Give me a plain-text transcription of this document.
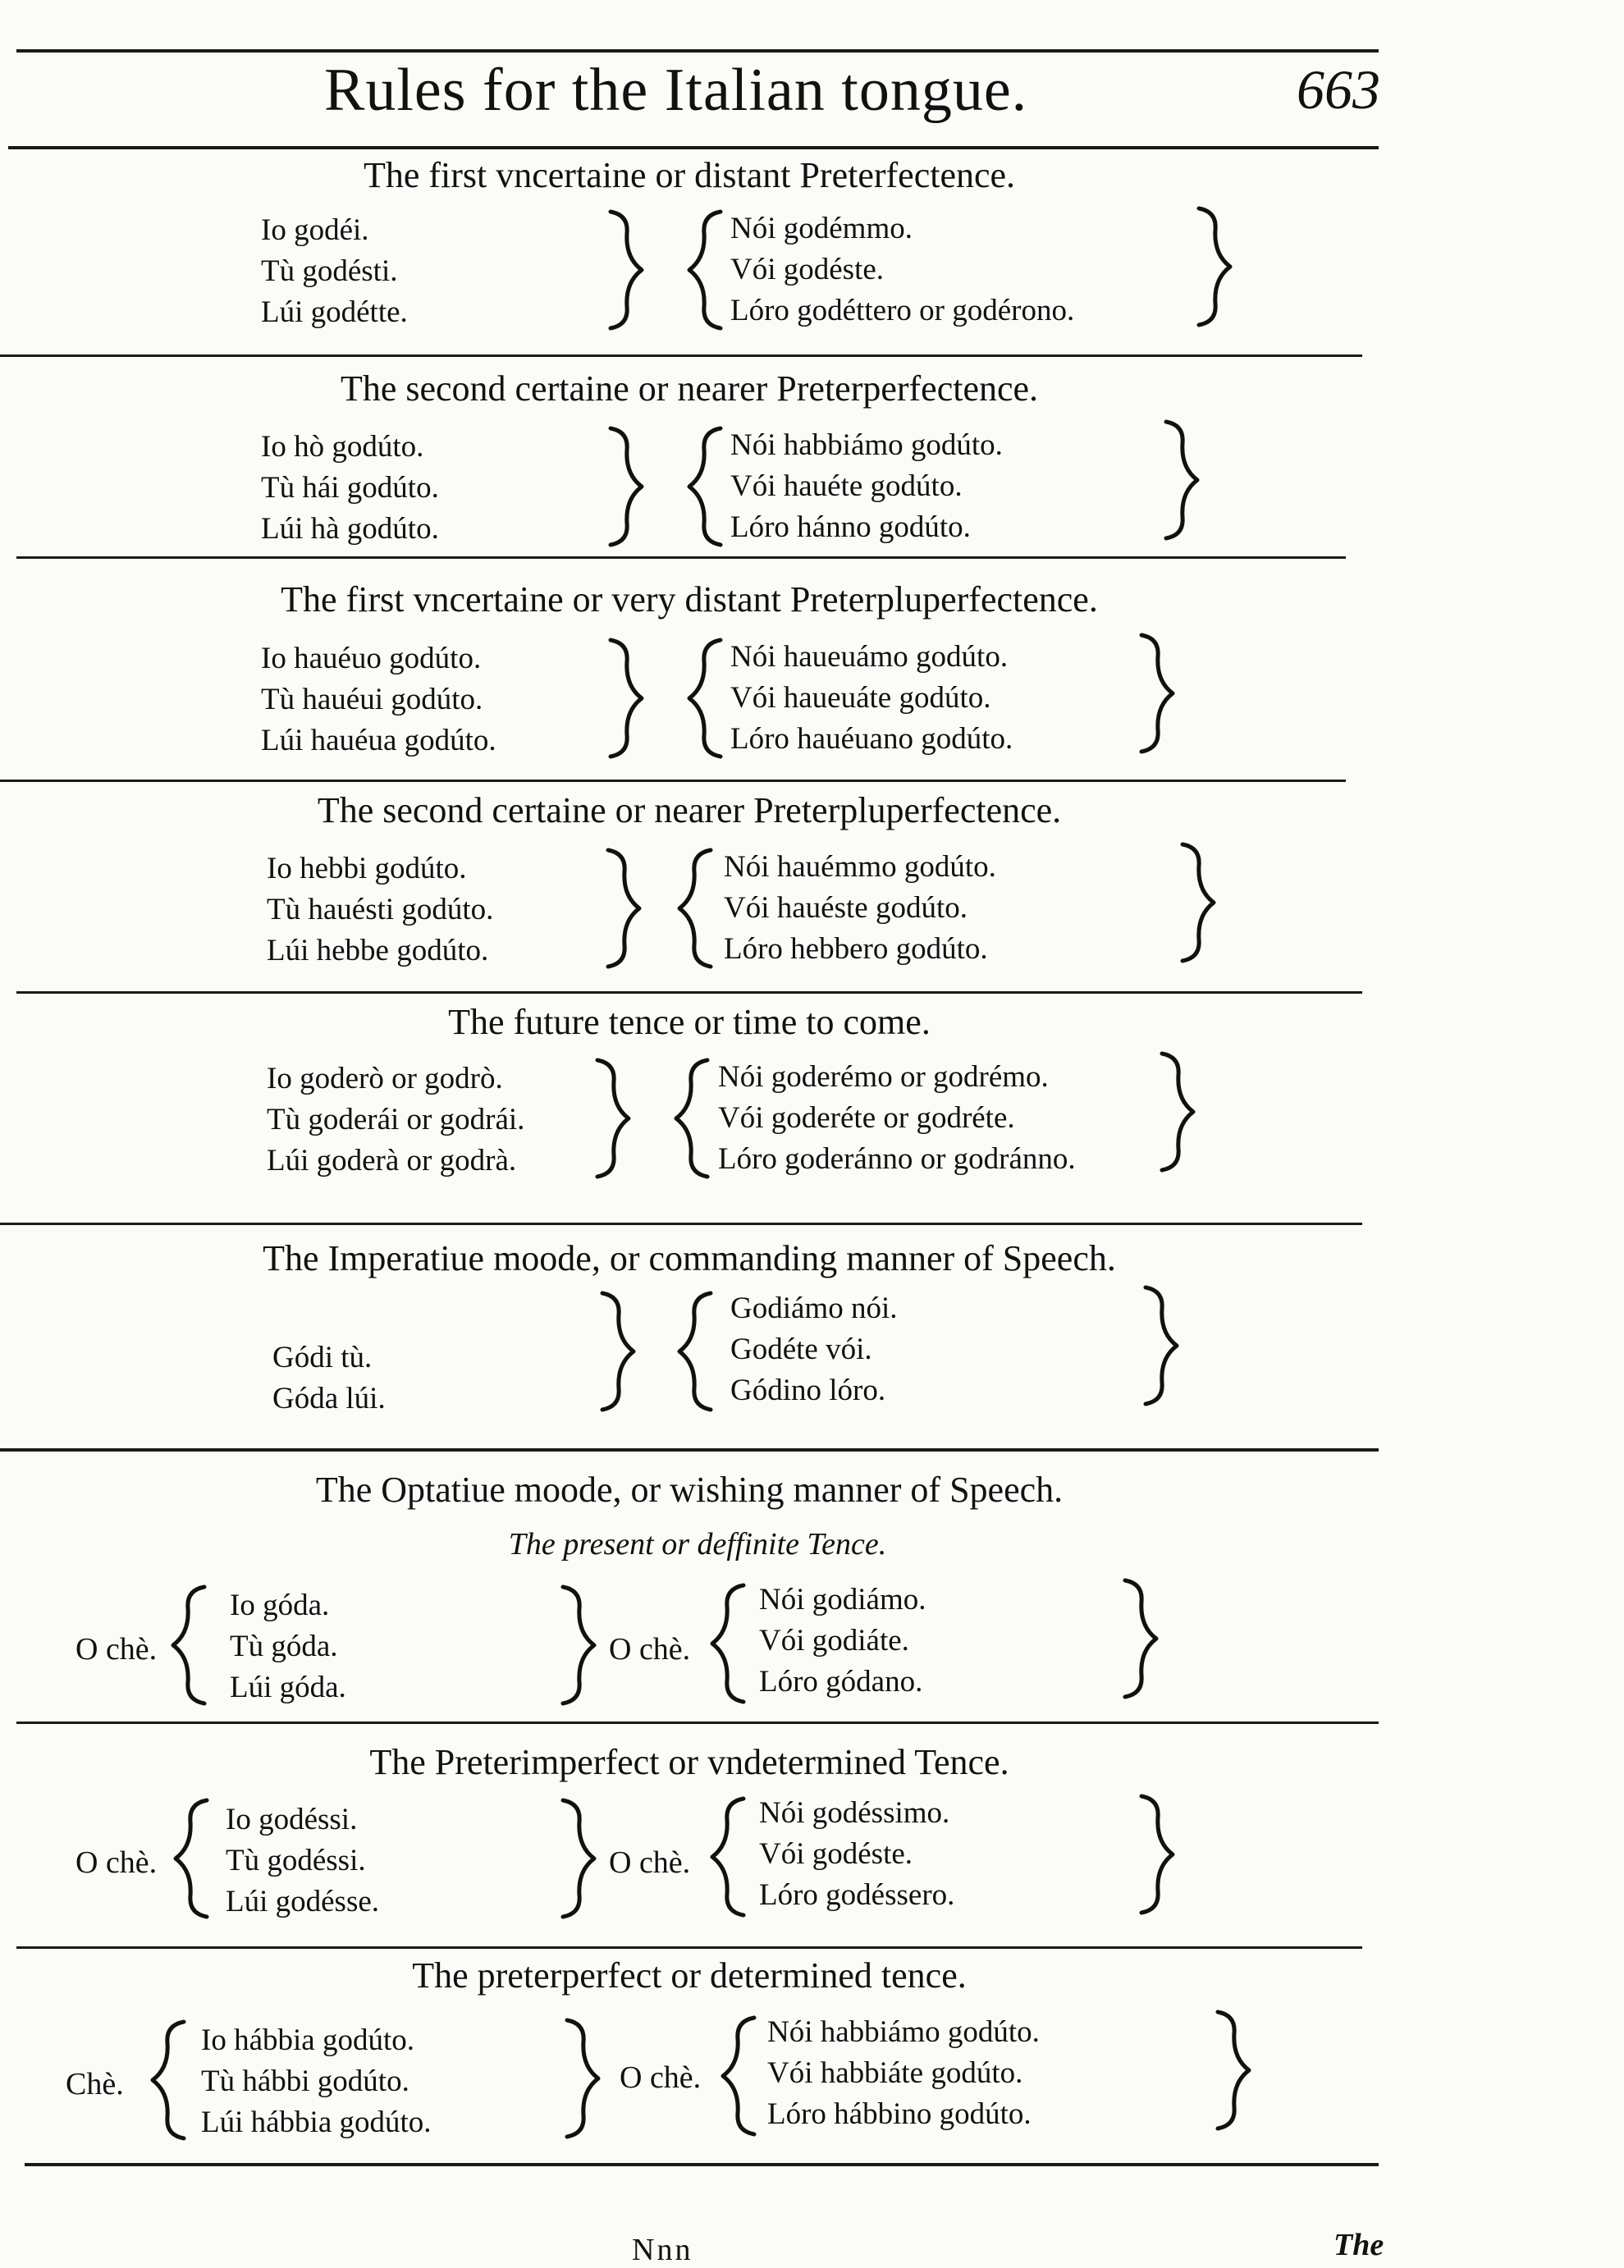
Rules for the Italian tongue.	663
The first vncertaine or distant Preterfectence.
Io godéi.
Tù godésti.
Lúi godétte.
Nói godémmo.
Vói godéste.
Lóro godéttero or godérono.
The second certaine or nearer Preterperfectence.
Io hò godúto.
Tù hái godúto.
Lúi hà godúto.
Nói habbiámo godúto.
Vói hauéte godúto.
Lóro hánno godúto.
The first vncertaine or very distant Preterpluperfectence.
Io hauéuo godúto.
Tù hauéui godúto.
Lúi hauéua godúto.
Nói haueuámo godúto.
Vói haueuáte godúto.
Lóro hauéuano godúto.
The second certaine or nearer Preterpluperfectence.
Io hebbi godúto.
Tù hauésti godúto.
Lúi hebbe godúto.
Nói hauémmo godúto.
Vói hauéste godúto.
Lóro hebbero godúto.
The future tence or time to come.
Io goderò or godrò.
Tù goderái or godrái.
Lúi goderà or godrà.
Nói goderémo or godrémo.
Vói goderéte or godréte.
Lóro goderánno or godránno.
The Imperatiue moode, or commanding manner of Speech.
Gódi tù.
Góda lúi.
Godiámo nói.
Godéte vói.
Gódino lóro.
The Optatiue moode, or wishing manner of Speech.
The present or deffinite Tence.
O chè.
Io góda.
Tù góda.
Lúi góda.
O chè.
Nói godiámo.
Vói godiáte.
Lóro gódano.
The Preterimperfect or vndetermined Tence.
O chè.
Io godéssi.
Tù godéssi.
Lúi godésse.
O chè.
Nói godéssimo.
Vói godéste.
Lóro godéssero.
The preterperfect or determined tence.
Chè.
Io hábbia godúto.
Tù hábbi godúto.
Lúi hábbia godúto.
O chè.
Nói habbiámo godúto.
Vói habbiáte godúto.
Lóro hábbino godúto.
Nnn	The
